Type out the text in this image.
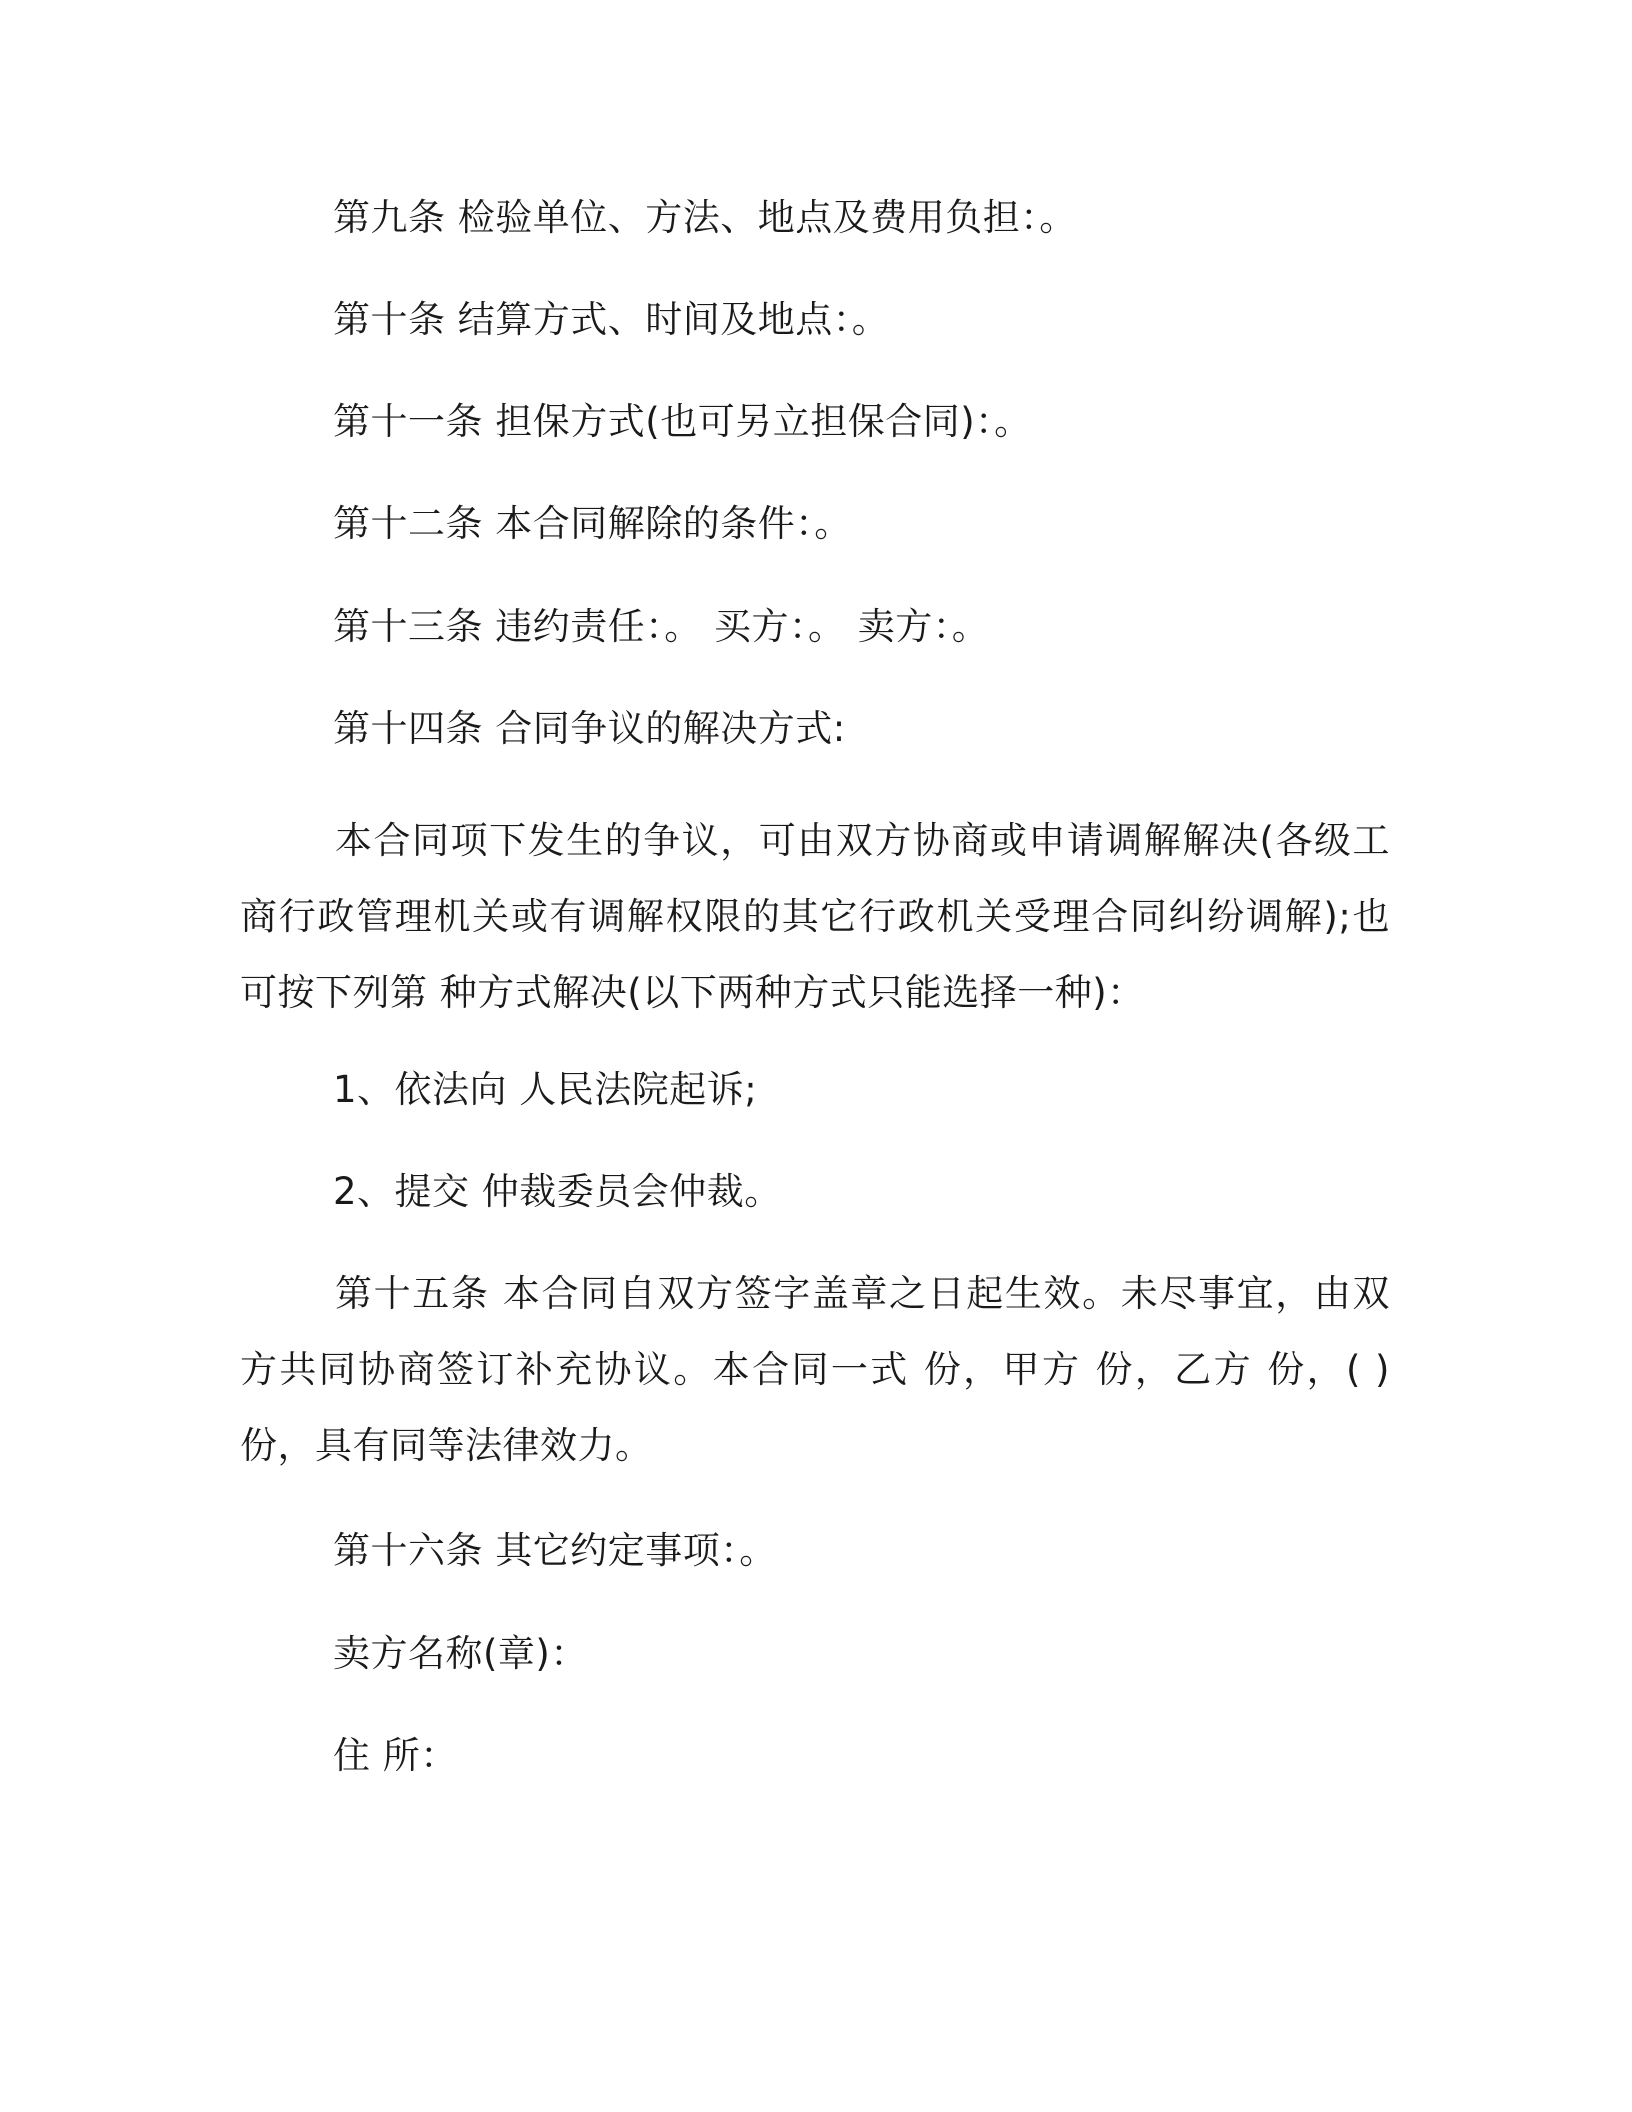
第九条 检验单位、方法、地点及费用负担：。
第十条 结算方式、时间及地点：。
第十一条 担保方式(也可另立担保合同)：。
第十二条 本合同解除的条件：。
第十三条 违约责任：。 买方：。 卖方：。
第十四条 合同争议的解决方式:
本合同项下发生的争议，可由双方协商或申请调解解决(各级工商行政管理机关或有调解权限的其它行政机关受理合同纠纷调解);也可按下列第 种方式解决(以下两种方式只能选择一种)：
1、依法向 人民法院起诉;
2、提交 仲裁委员会仲裁。
第十五条 本合同自双方签字盖章之日起生效。未尽事宜，由双方共同协商签订补充协议。本合同一式 份，甲方 份，乙方 份，( ) 份，具有同等法律效力。
第十六条 其它约定事项：。
卖方名称(章)：
住 所：
